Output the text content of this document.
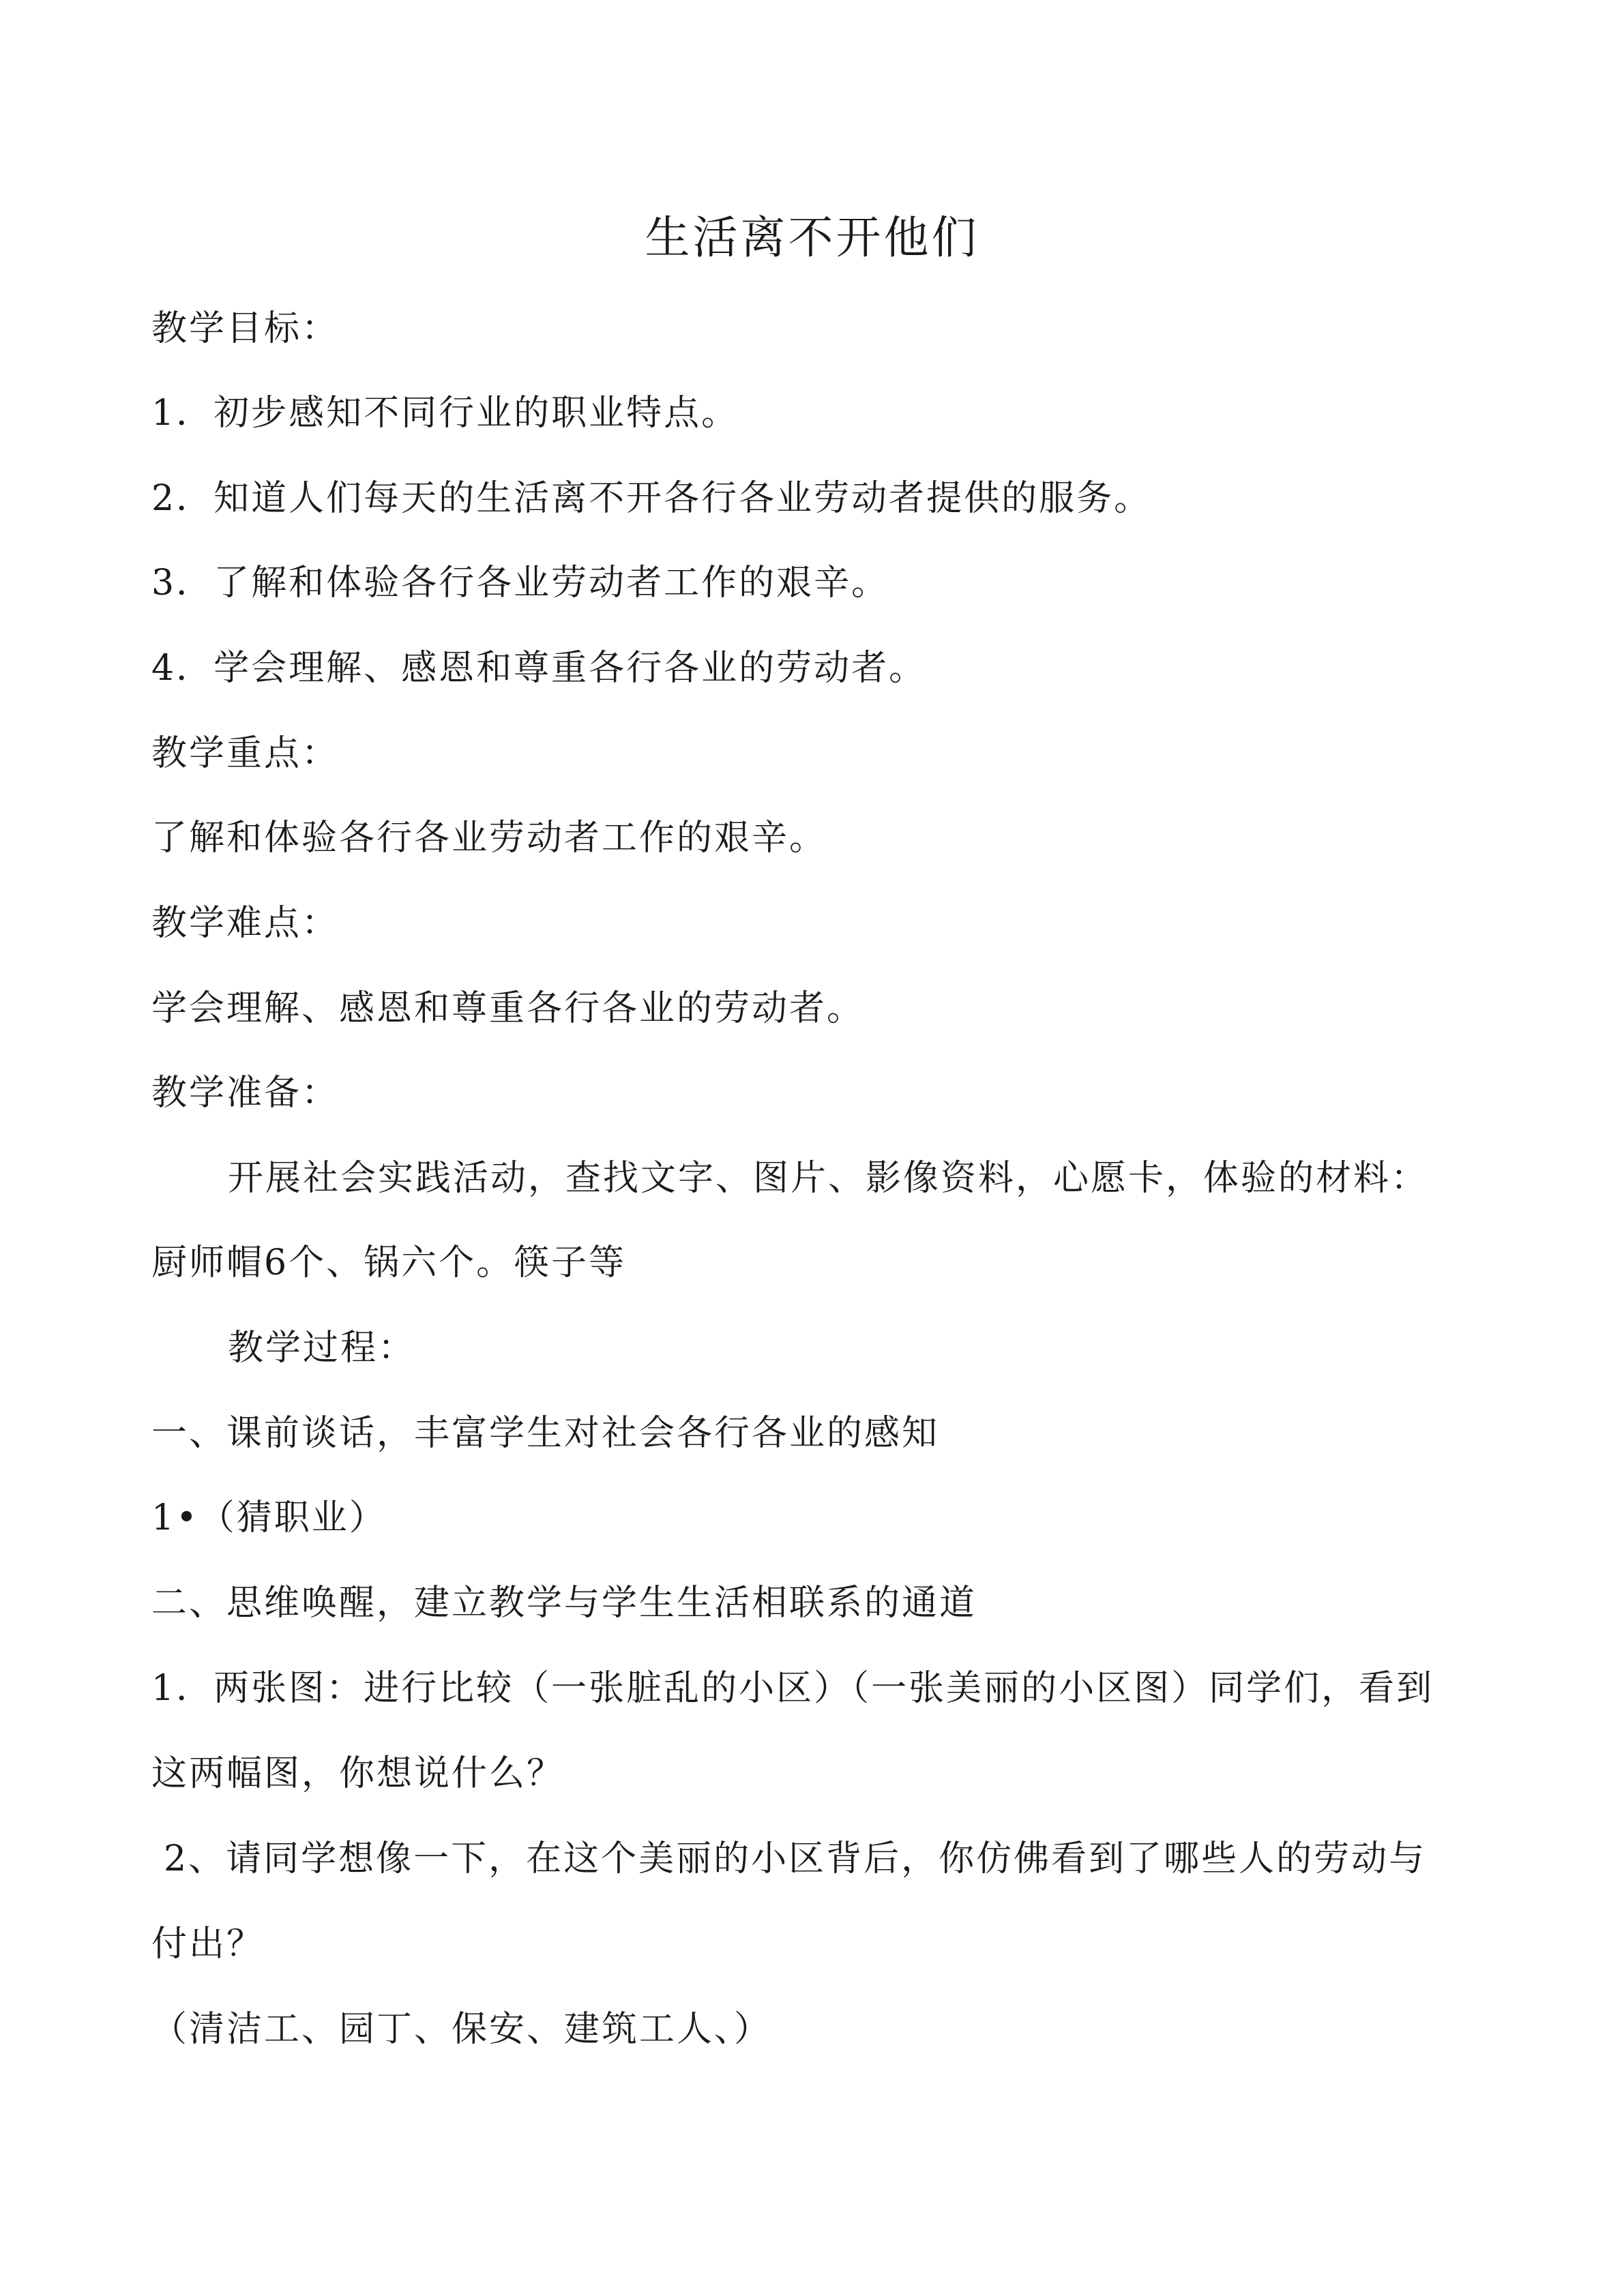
生活离不开他们

教学目标：

1．初步感知不同行业的职业特点。

2．知道人们每天的生活离不开各行各业劳动者提供的服务。

3．了解和体验各行各业劳动者工作的艰辛。

4．学会理解、感恩和尊重各行各业的劳动者。

教学重点：

了解和体验各行各业劳动者工作的艰辛。

教学难点：

学会理解、感恩和尊重各行各业的劳动者。

教学准备：

开展社会实践活动，查找文字、图片、影像资料，心愿卡，体验的材料：

厨师帽6个、锅六个。筷子等

教学过程：

一、课前谈话，丰富学生对社会各行各业的感知

1•（猜职业）

二、思维唤醒，建立教学与学生生活相联系的通道

1．两张图：进行比较（一张脏乱的小区）（一张美丽的小区图）同学们，看到

这两幅图，你想说什么？

2、请同学想像一下，在这个美丽的小区背后，你仿佛看到了哪些人的劳动与

付出？

（清洁工、园丁、保安、建筑工人、）
